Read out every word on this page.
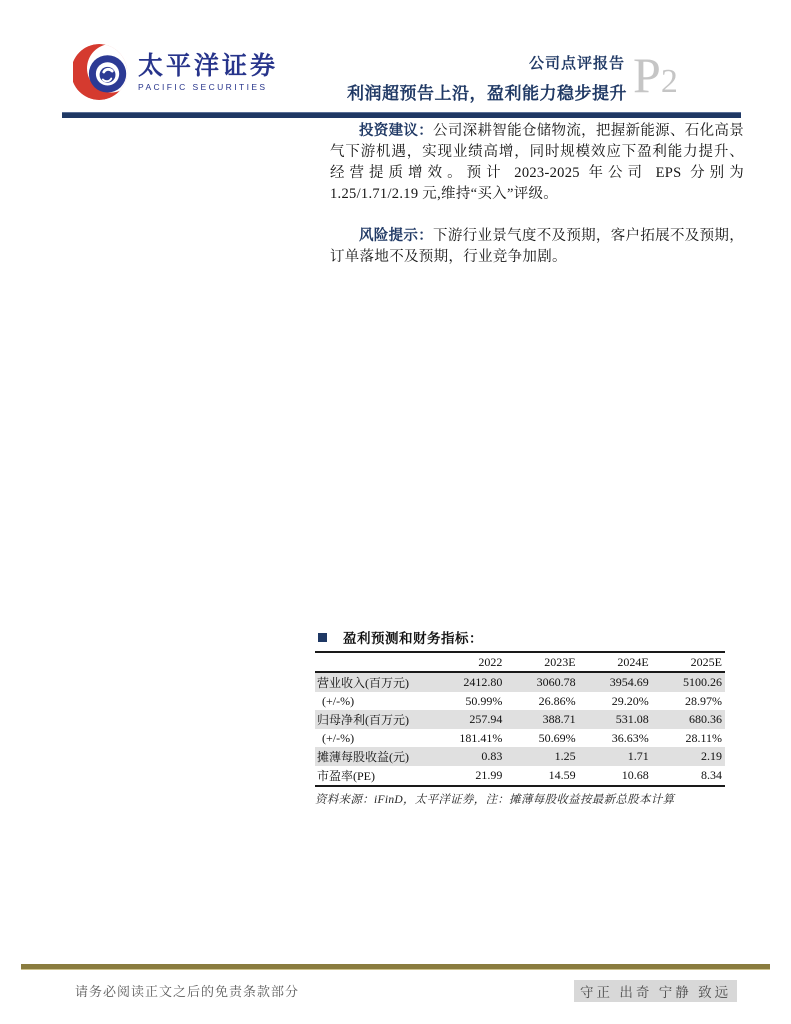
太平洋证券
PACIFIC SECURITIES
公司点评报告
利润超预告上沿，盈利能力稳步提升 P2

投资建议：公司深耕智能仓储物流，把握新能源、石化高景气下游机遇，实现业绩高增，同时规模效应下盈利能力提升、经营提质增效。预计 2023-2025 年公司 EPS 分别为 1.25/1.71/2.19 元,维持“买入”评级。

风险提示：下游行业景气度不及预期，客户拓展不及预期，订单落地不及预期，行业竞争加剧。

盈利预测和财务指标：
	2022	2023E	2024E	2025E
营业收入(百万元)	2412.80	3060.78	3954.69	5100.26
(+/-%)	50.99%	26.86%	29.20%	28.97%
归母净利(百万元)	257.94	388.71	531.08	680.36
(+/-%)	181.41%	50.69%	36.63%	28.11%
摊薄每股收益(元)	0.83	1.25	1.71	2.19
市盈率(PE)	21.99	14.59	10.68	8.34
资料来源：iFinD，太平洋证券，注：摊薄每股收益按最新总股本计算
请务必阅读正文之后的免责条款部分	守正 出奇 宁静 致远
